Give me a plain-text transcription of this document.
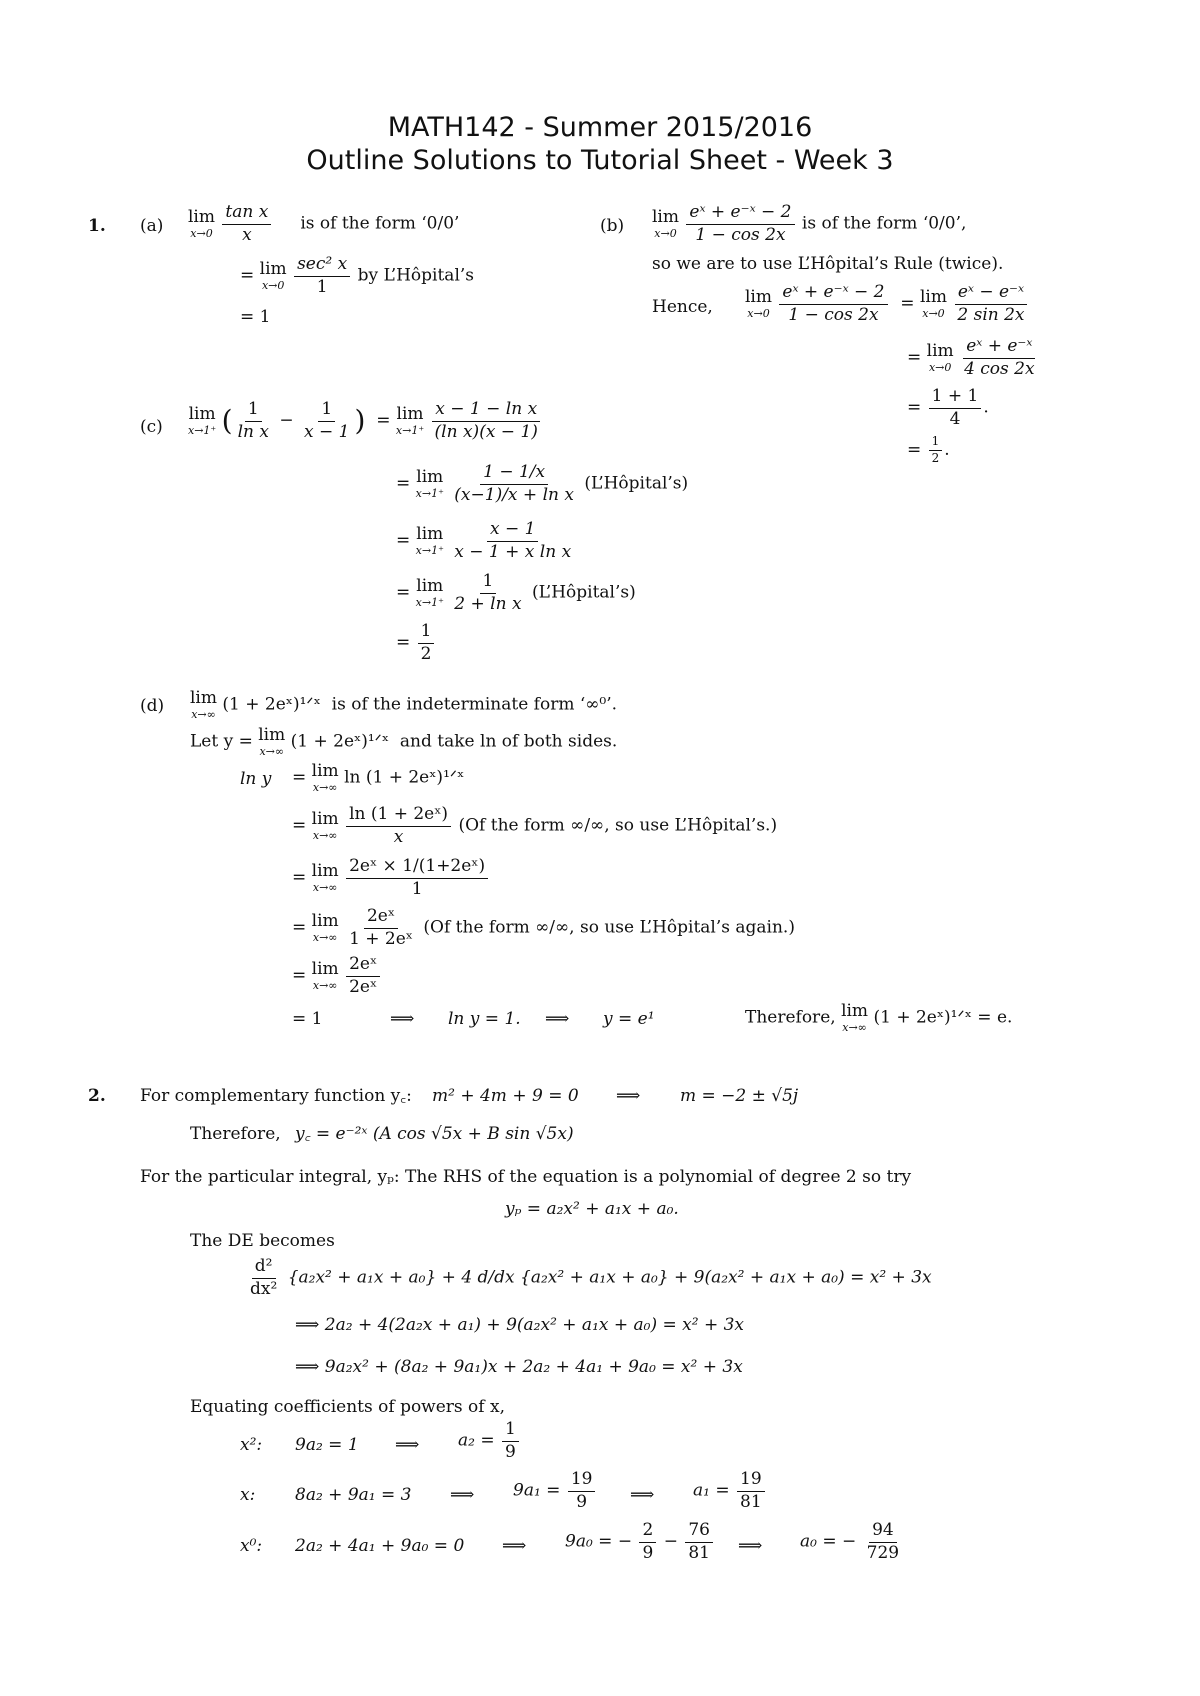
MATH142 - Summer 2015/2016
Outline Solutions to Tutorial Sheet - Week 3
1. (a) lim
x→0
$\frac{\text{tan x}}{x}$ is of the form ‘0/0’
= lim
x→0
$\frac{\text{sec² x}}{1}$ by L’Hôpital’s
= 1
(b) lim
x→0
$\frac{\text{eˣ + e⁻ˣ − 2}}{1 - \cos 2x}$ is of the form ‘0/0’,
so we are to use L’Hôpital’s Rule (twice).
Hence, lim
x→0
$\frac{\text{eˣ + e⁻ˣ − 2}}{1 - \cos 2x} = \lim$
x→0
$\frac{\text{eˣ − e⁻ˣ}}{2 \sin 2x}$
= lim
x→0
$\frac{\text{eˣ + e⁻ˣ}}{4 \cos 2x}$
= $\frac{1 + 1}{4}$ .
= $\frac{1}{2}$ .
(c)
lim
x→1⁺ ( $\frac{1}{\text{ln x}} - \frac{1}{x - 1}$ )  = lim
x→1⁺
$\frac{\text{x − 1 − ln x}}{\text{(ln x)(x − 1)}}$
= lim
x→1⁺
$\frac{1 - 1/x}{\text{(x−1)/x + ln x}}$ (L’Hôpital’s)
= lim
x→1⁺
$\frac{x - 1}{\text{x − 1 + x ln x}}$
= lim
x→1⁺
$\frac{1}{\text{2 + ln x}}$ (L’Hôpital’s)
= $\frac{1}{2}$
(d) lim
x→∞ (1 + 2eˣ)¹ᐟˣ is of the indeterminate form ‘∞⁰’.
Let y = lim
x→∞ (1 + 2eˣ)¹ᐟˣ and take ln of both sides.
ln y = lim
x→∞ ln (1 + 2eˣ)¹ᐟˣ
= lim
x→∞
$\frac{\text{ln (1 + 2eˣ)}}{x} (Of$ the form ∞/∞, so use L’Hôpital’s.)
= lim
x→∞
$\frac{\text{2eˣ × 1/(1+2eˣ)}}{1}$
= lim
x→∞
$\frac{\text{2eˣ}}{\text{1 + 2eˣ}} (Of$ the form ∞/∞, so use L’Hôpital’s again.)
= lim
x→∞
$\frac{\text{2eˣ}}{\text{2eˣ}}$
= 1	⟹ ln y = 1. ⟹ y = e¹	Therefore, lim
x→∞ (1 + 2eˣ)¹ᐟˣ = e.
2. For complementary function y꜀: m² + 4m + 9 = 0 ⟹ m = −2 ± √5j
Therefore, y꜀ = e⁻²ˣ (A cos √5x + B sin √5x)
For the particular integral, yₚ: The RHS of the equation is a polynomial of degree 2 so try
yₚ = a₂x² + a₁x + a₀.
The DE becomes
$\frac{\text{d²}}{\text{dx²}} \{a_2x^2 + a_1x + a_0\} + 4$ d/dx {a₂x² + a₁x + a₀} + 9(a₂x² + a₁x + a₀) = x² + 3x
⟹ 2a₂ + 4(2a₂x + a₁) + 9(a₂x² + a₁x + a₀) = x² + 3x
⟹ 9a₂x² + (8a₂ + 9a₁)x + 2a₂ + 4a₁ + 9a₀ = x² + 3x
Equating coefficients of powers of x,
x²: 9a₂ = 1 ⟹ $a_2 = \frac{1}{9}$
x: 8a₂ + 9a₁ = 3 ⟹ $9a_1 = \frac{19}{9}$ ⟹ $a_1 = \frac{19}{81}$
x⁰: 2a₂ + 4a₁ + 9a₀ = 0 ⟹ 9a₀ = − $\frac{2}{9} - \frac{76}{81}$ ⟹ a₀ = − $\frac{94}{729}$
